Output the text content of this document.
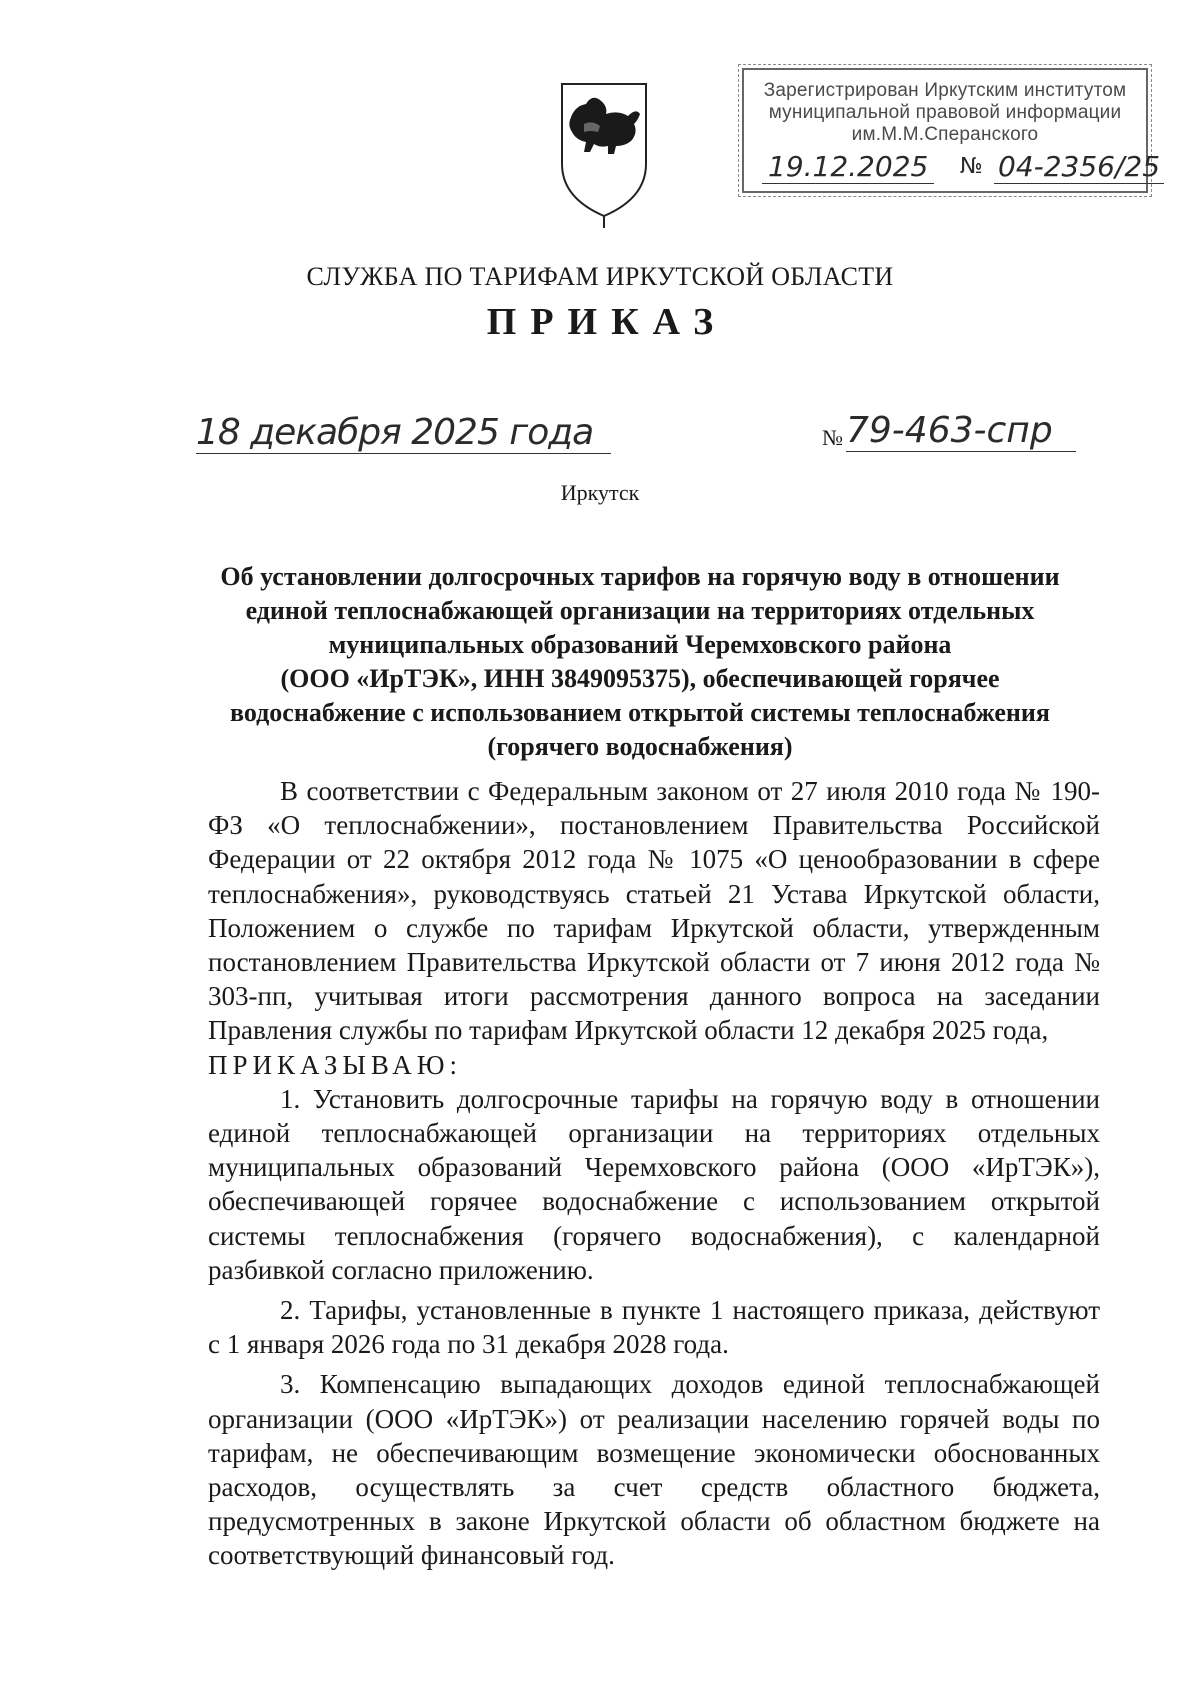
Зарегистрирован Иркутским институтом
муниципальной правовой информации
им.М.М.Сперанского
19.12.2025 № 04-2356/25
СЛУЖБА ПО ТАРИФАМ ИРКУТСКОЙ ОБЛАСТИ
ПРИКАЗ
18 декабря 2025 года	№ 79-463-спр
Иркутск
Об установлении долгосрочных тарифов на горячую воду в отношении
единой теплоснабжающей организации на территориях отдельных
муниципальных образований Черемховского района
(ООО «ИрТЭК», ИНН 3849095375), обеспечивающей горячее
водоснабжение с использованием открытой системы теплоснабжения
(горячего водоснабжения)

В соответствии с Федеральным законом от 27 июля 2010 года № 190-ФЗ «О теплоснабжении», постановлением Правительства Российской Федерации от 22 октября 2012 года № 1075 «О ценообразовании в сфере теплоснабжения», руководствуясь статьей 21 Устава Иркутской области, Положением о службе по тарифам Иркутской области, утвержденным постановлением Правительства Иркутской области от 7 июня 2012 года № 303-пп, учитывая итоги рассмотрения данного вопроса на заседании Правления службы по тарифам Иркутской области 12 декабря 2025 года,

ПРИКАЗЫВАЮ:

1. Установить долгосрочные тарифы на горячую воду в отношении единой теплоснабжающей организации на территориях отдельных муниципальных образований Черемховского района (ООО «ИрТЭК»), обеспечивающей горячее водоснабжение с использованием открытой системы теплоснабжения (горячего водоснабжения), с календарной разбивкой согласно приложению.

2. Тарифы, установленные в пункте 1 настоящего приказа, действуют с 1 января 2026 года по 31 декабря 2028 года.

3. Компенсацию выпадающих доходов единой теплоснабжающей организации (ООО «ИрТЭК») от реализации населению горячей воды по тарифам, не обеспечивающим возмещение экономически обоснованных расходов, осуществлять за счет средств областного бюджета, предусмотренных в законе Иркутской области об областном бюджете на соответствующий финансовый год.
